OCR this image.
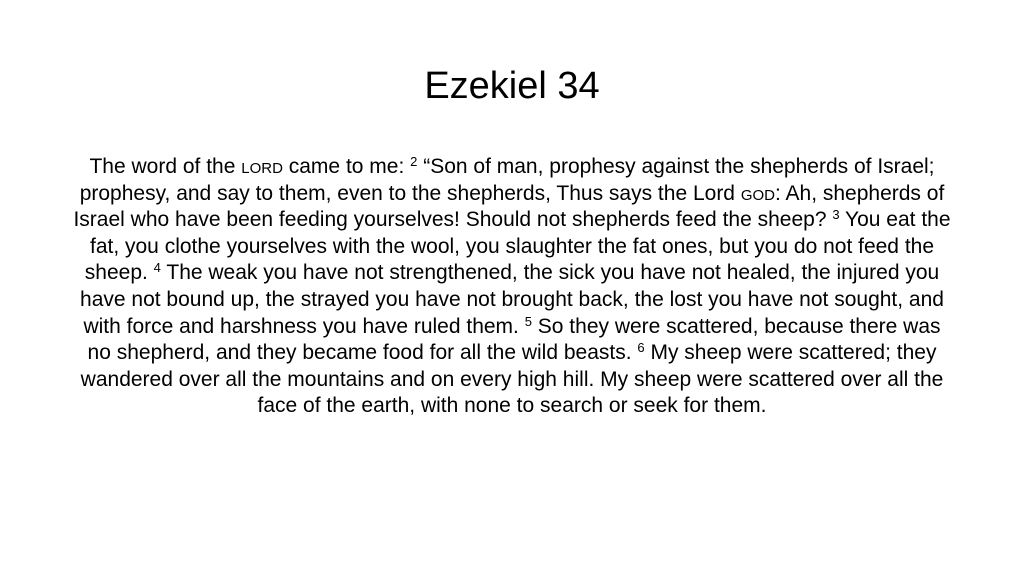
Ezekiel 34

The word of the lord came to me: $^2$ “Son of man, prophesy against the shepherds of Israel; prophesy, and say to them, even to the shepherds, Thus says the Lord god: Ah, shepherds of Israel who have been feeding yourselves! Should not shepherds feed the sheep? $^3$ You eat the fat, you clothe yourselves with the wool, you slaughter the fat ones, but you do not feed the sheep. $^4$ The weak you have not strengthened, the sick you have not healed, the injured you have not bound up, the strayed you have not brought back, the lost you have not sought, and with force and harshness you have ruled them. $^5$ So they were scattered, because there was no shepherd, and they became food for all the wild beasts. $^6$ My sheep were scattered; they wandered over all the mountains and on every high hill. My sheep were scattered over all the face of the earth, with none to search or seek for them.
